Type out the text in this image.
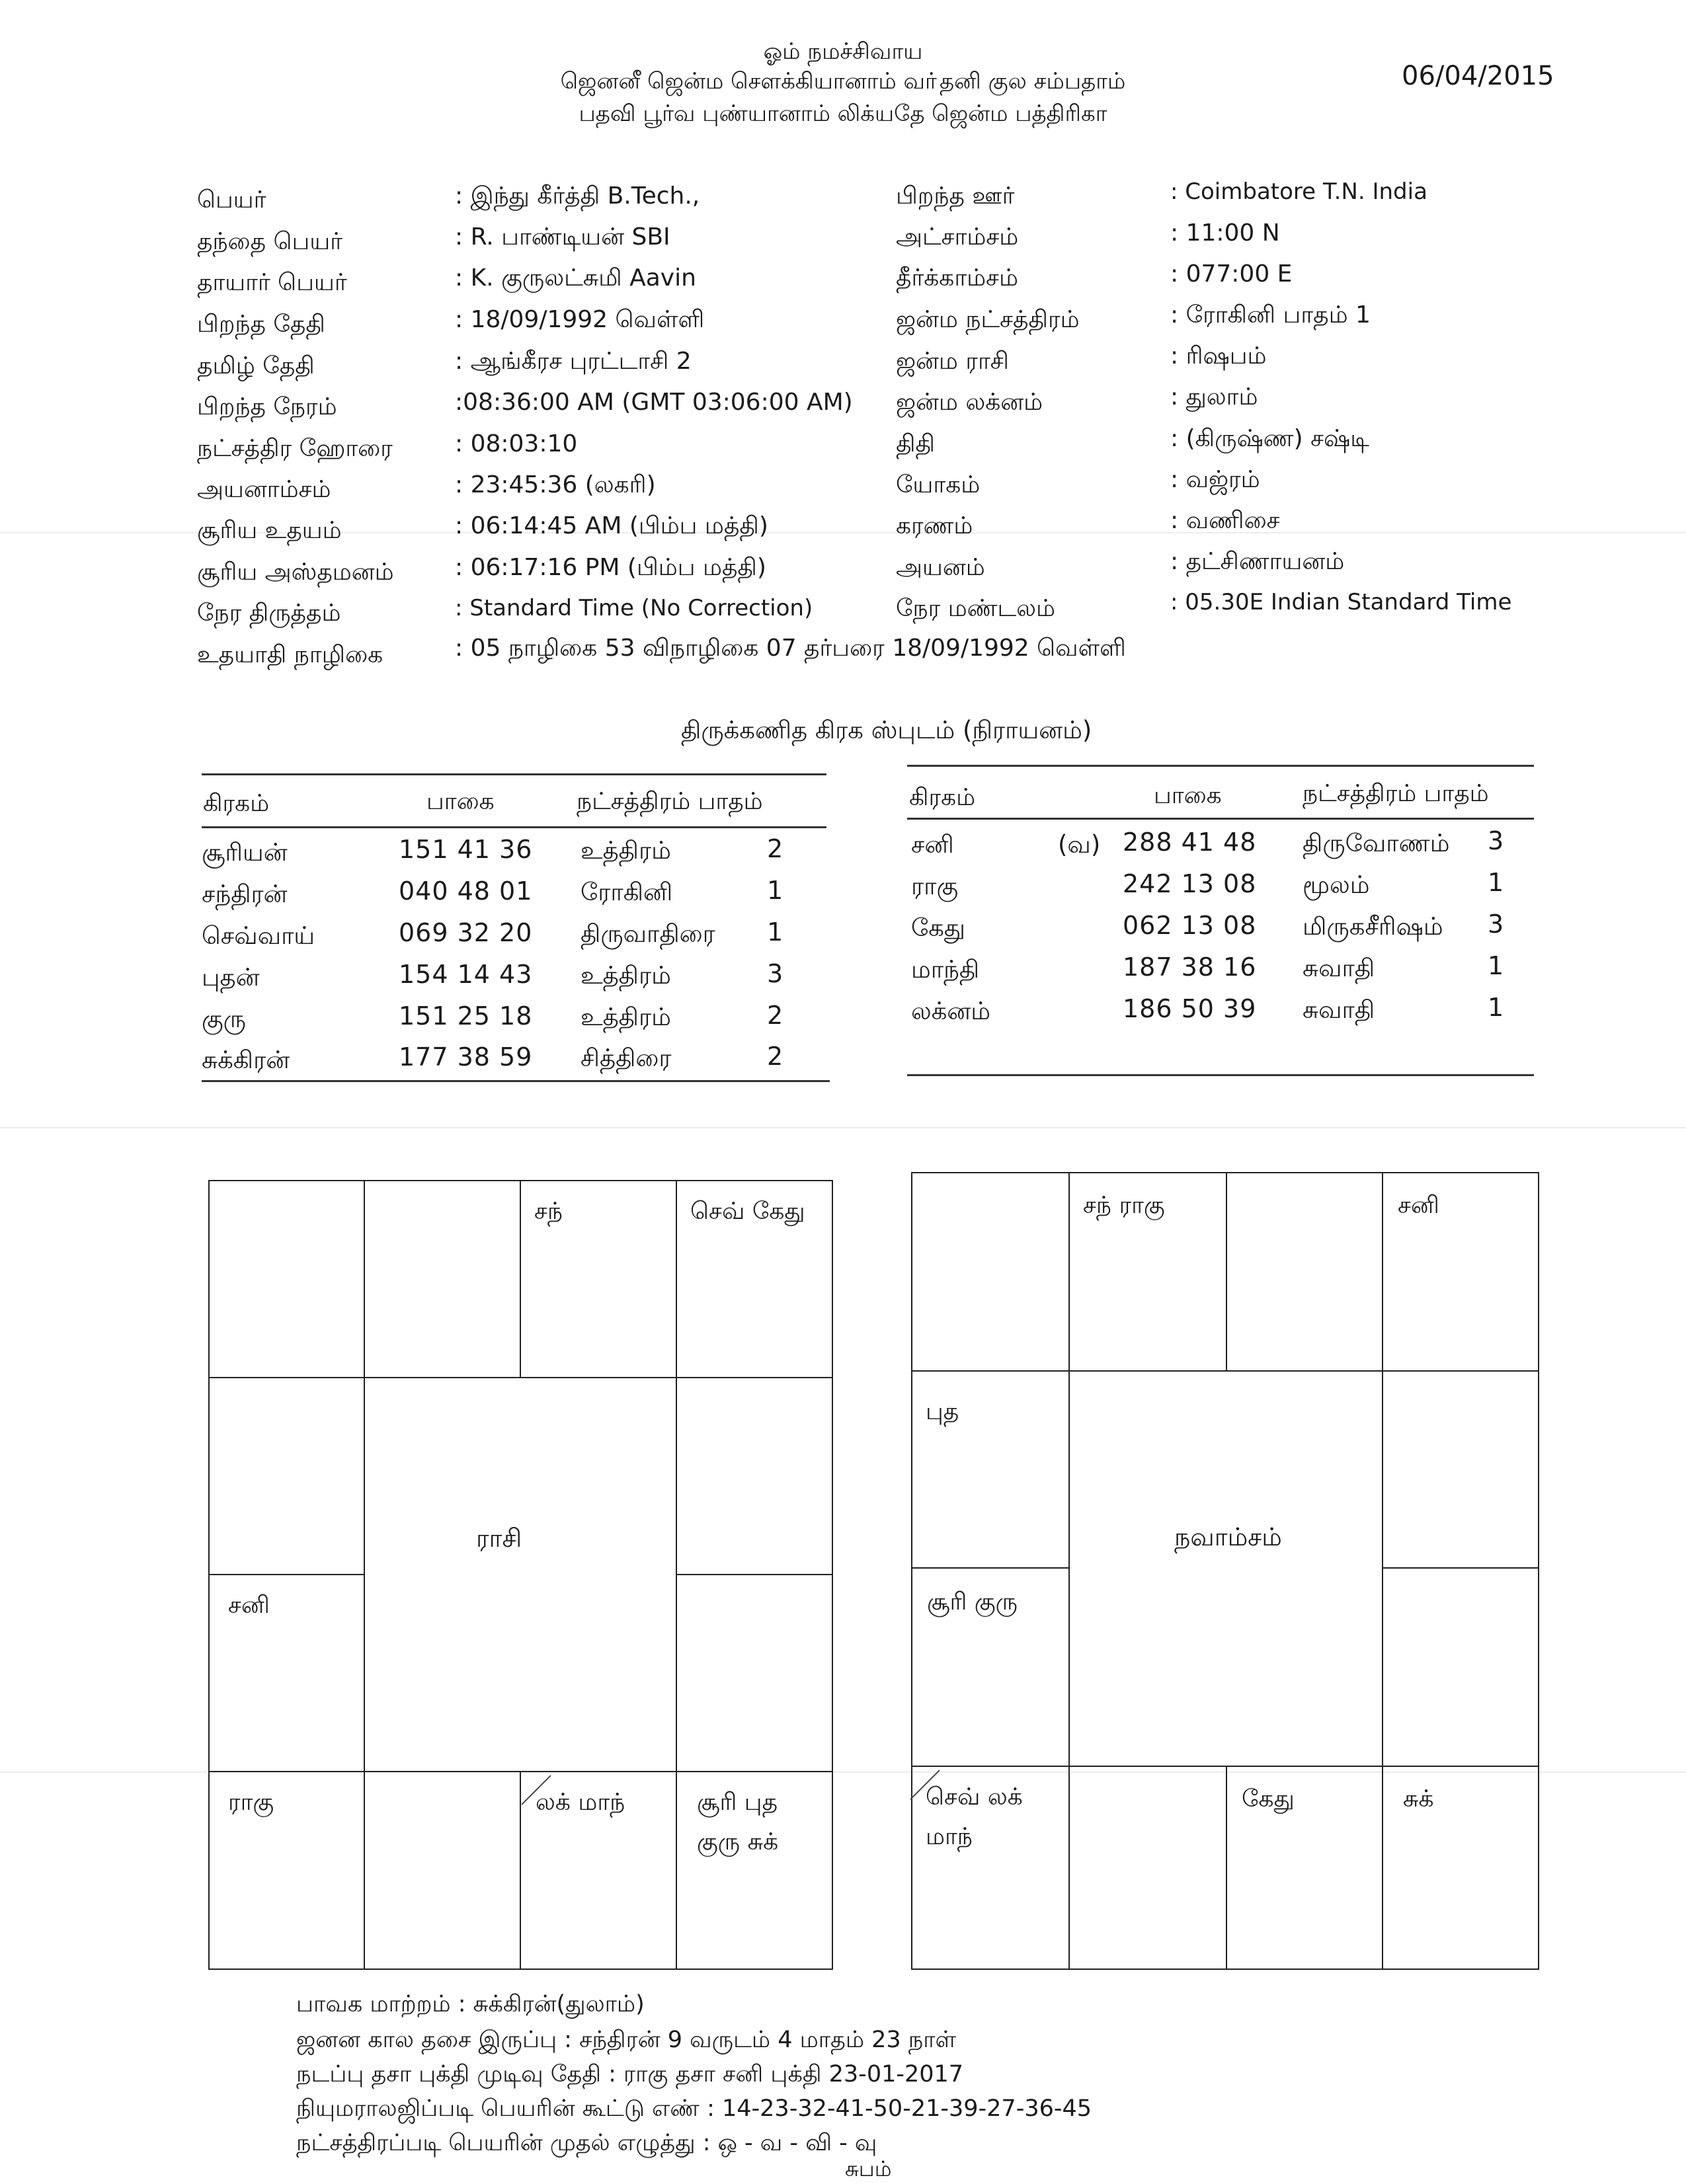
ஓம் நமச்சிவாய
ஜெனனீ ஜென்ம சௌக்கியானாம் வா்தனி குல சம்பதாம்
பதவி பூர்வ புண்யானாம் லிக்யதே ஜென்ம பத்திரிகா
06/04/2015
பெயர்	: இந்து கீர்த்தி B.Tech.,
தந்தை பெயர்	: R. பாண்டியன் SBI
தாயார் பெயர்	: K. குருலட்சுமி Aavin
பிறந்த தேதி	: 18/09/1992 வெள்ளி
தமிழ் தேதி	: ஆங்கீரச புரட்டாசி 2
பிறந்த நேரம்	:08:36:00 AM (GMT 03:06:00 AM)
நட்சத்திர ஹோரை	: 08:03:10
அயனாம்சம்	: 23:45:36 (லகரி)
சூரிய உதயம்	: 06:14:45 AM (பிம்ப மத்தி)
சூரிய அஸ்தமனம்	: 06:17:16 PM (பிம்ப மத்தி)
நேர திருத்தம்	: Standard Time (No Correction)
உதயாதி நாழிகை	: 05 நாழிகை 53 விநாழிகை 07 தர்பரை 18/09/1992 வெள்ளி
பிறந்த ஊர்	: Coimbatore T.N. India
அட்சாம்சம்	: 11:00 N
தீர்க்காம்சம்	: 077:00 E
ஜன்ம நட்சத்திரம்	: ரோகினி பாதம் 1
ஜன்ம ராசி	: ரிஷபம்
ஜன்ம லக்னம்	: துலாம்
திதி	: (கிருஷ்ண) சஷ்டி
யோகம்	: வஜ்ரம்
கரணம்	: வணிசை
அயனம்	: தட்சிணாயனம்
நேர மண்டலம்	: 05.30E Indian Standard Time
திருக்கணித கிரக ஸ்புடம் (நிராயனம்)
கிரகம்	பாகை	நட்சத்திரம் பாதம்
சூரியன்	151 41 36 உத்திரம்	2
சந்திரன்	040 48 01 ரோகினி	1
செவ்வாய்	069 32 20 திருவாதிரை 1
புதன்	154 14 43 உத்திரம்	3
குரு	151 25 18 உத்திரம்	2
சுக்கிரன்	177 38 59 சித்திரை	2
கிரகம்	பாகை	நட்சத்திரம் பாதம்
சனி	(வ) 288 41 48 திருவோணம் 3
ராகு	242 13 08 மூலம்	1
கேது	062 13 08 மிருகசீரிஷம் 3
மாந்தி	187 38 16 சுவாதி	1
லக்னம்	186 50 39 சுவாதி	1
சந்	செவ் கேது
சனி
ராகு	லக் மாந்	சூரி புத
குரு சுக்
ராசி
சந் ராகு	சனி
புத
சூரி குரு
செவ் லக்
மாந்
கேது	சுக்
நவாம்சம்
பாவக மாற்றம் : சுக்கிரன்(துலாம்)
ஜனன கால தசை இருப்பு : சந்திரன் 9 வருடம் 4 மாதம் 23 நாள்
நடப்பு தசா புக்தி முடிவு தேதி : ராகு தசா சனி புக்தி 23-01-2017
நியுமராலஜிப்படி பெயரின் கூட்டு எண் : 14-23-32-41-50-21-39-27-36-45
நட்சத்திரப்படி பெயரின் முதல் எழுத்து : ஒ - வ - வி - வு
சுபம்
